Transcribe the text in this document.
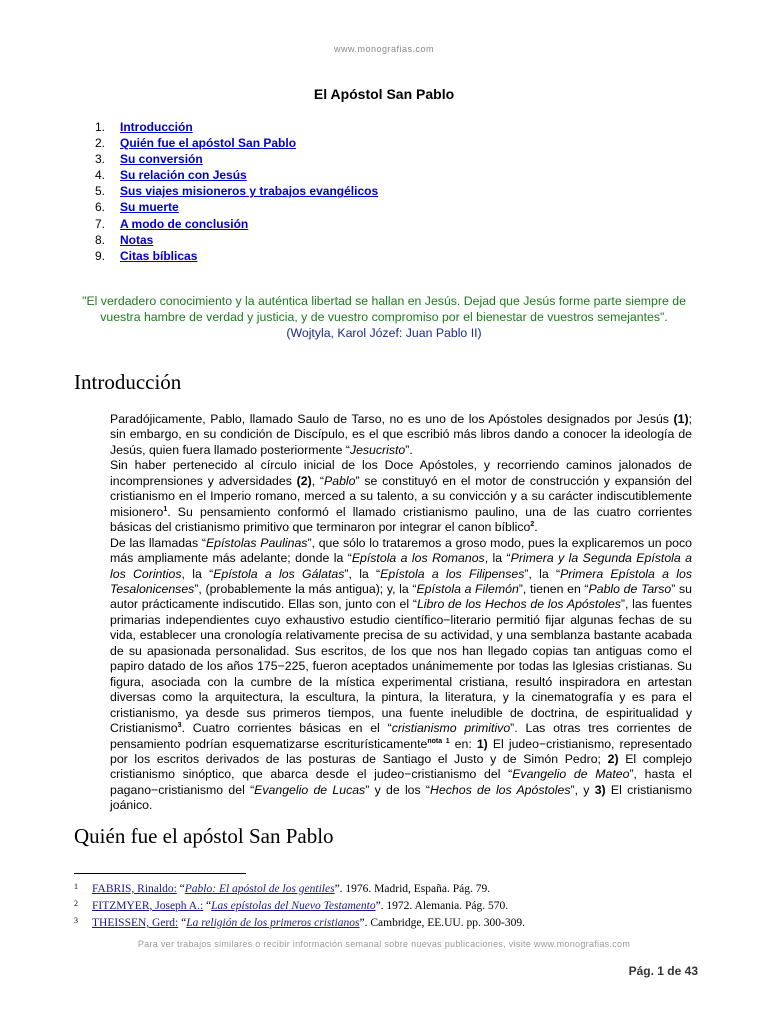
www.monografias.com
El Apóstol San Pablo
1. Introducción
2. Quién fue el apóstol San Pablo
3. Su conversión
4. Su relación con Jesús
5. Sus viajes misioneros y trabajos evangélicos
6. Su muerte
7. A modo de conclusión
8. Notas
9. Citas bíblicas
"El verdadero conocimiento y la auténtica libertad se hallan en Jesús. Dejad que Jesús forme parte siempre de vuestra hambre de verdad y justicia, y de vuestro compromiso por el bienestar de vuestros semejantes".
(Wojtyla, Karol Józef: Juan Pablo II)
Introducción

Paradójicamente, Pablo, llamado Saulo de Tarso, no es uno de los Apóstoles designados por Jesús (1); sin embargo, en su condición de Discípulo, es el que escribió más libros dando a conocer la ideología de Jesús, quien fuera llamado posteriormente “Jesucristo”.

Sin haber pertenecido al círculo inicial de los Doce Apóstoles, y recorriendo caminos jalonados de incomprensiones y adversidades (2), “Pablo” se constituyó en el motor de construcción y expansión del cristianismo en el Imperio romano, merced a su talento, a su convicción y a su carácter indiscutiblemente misionero$^1$. Su pensamiento conformó el llamado cristianismo paulino, una de las cuatro corrientes básicas del cristianismo primitivo que terminaron por integrar el canon bíblico$^2$.

De las llamadas “Epístolas Paulinas”, que sólo lo trataremos a groso modo, pues la explicaremos un poco más ampliamente más adelante; donde la “Epístola a los Romanos, la “Primera y la Segunda Epístola a los Corintios, la “Epístola a los Gálatas”, la “Epístola a los Filipenses”, la “Primera Epístola a los Tesalonicenses”, (probablemente la más antigua); y, la “Epístola a Filemón”, tienen en “Pablo de Tarso” su autor prácticamente indiscutido. Ellas son, junto con el “Libro de los Hechos de los Apóstoles”, las fuentes primarias independientes cuyo exhaustivo estudio científico−literario permitió fijar algunas fechas de su vida, establecer una cronología relativamente precisa de su actividad, y una semblanza bastante acabada de su apasionada personalidad. Sus escritos, de los que nos han llegado copias tan antiguas como el papiro datado de los años 175−225, fueron aceptados unánimemente por todas las Iglesias cristianas. Su figura, asociada con la cumbre de la mística experimental cristiana, resultó inspiradora en artestan diversas como la arquitectura, la escultura, la pintura, la literatura, y la cinematografía y es para el cristianismo, ya desde sus primeros tiempos, una fuente ineludible de doctrina, de espiritualidad y Cristianismo$^3$. Cuatro corrientes básicas en el “cristianismo primitivo”. Las otras tres corrientes de pensamiento podrían esquematizarse escriturísticamente$^{nota 1}$ en: 1) El judeo−cristianismo, representado por los escritos derivados de las posturas de Santiago el Justo y de Simón Pedro; 2) El complejo cristianismo sinóptico, que abarca desde el judeo−cristianismo del “Evangelio de Mateo”, hasta el pagano−cristianismo del “Evangelio de Lucas” y de los “Hechos de los Apóstoles”, y 3) El cristianismo joánico.

Quién fue el apóstol San Pablo
1 FABRIS, Rinaldo: “Pablo: El apóstol de los gentiles”. 1976. Madrid, España. Pág. 79.
2 FITZMYER, Joseph A.: “Las epístolas del Nuevo Testamento”. 1972. Alemania. Pág. 570.
3 THEISSEN, Gerd: “La religión de los primeros cristianos”. Cambridge, EE.UU. pp. 300-309.
Para ver trabajos similares o recibir información semanal sobre nuevas publicaciones, visite www.monografias.com
Pág. 1 de 43
